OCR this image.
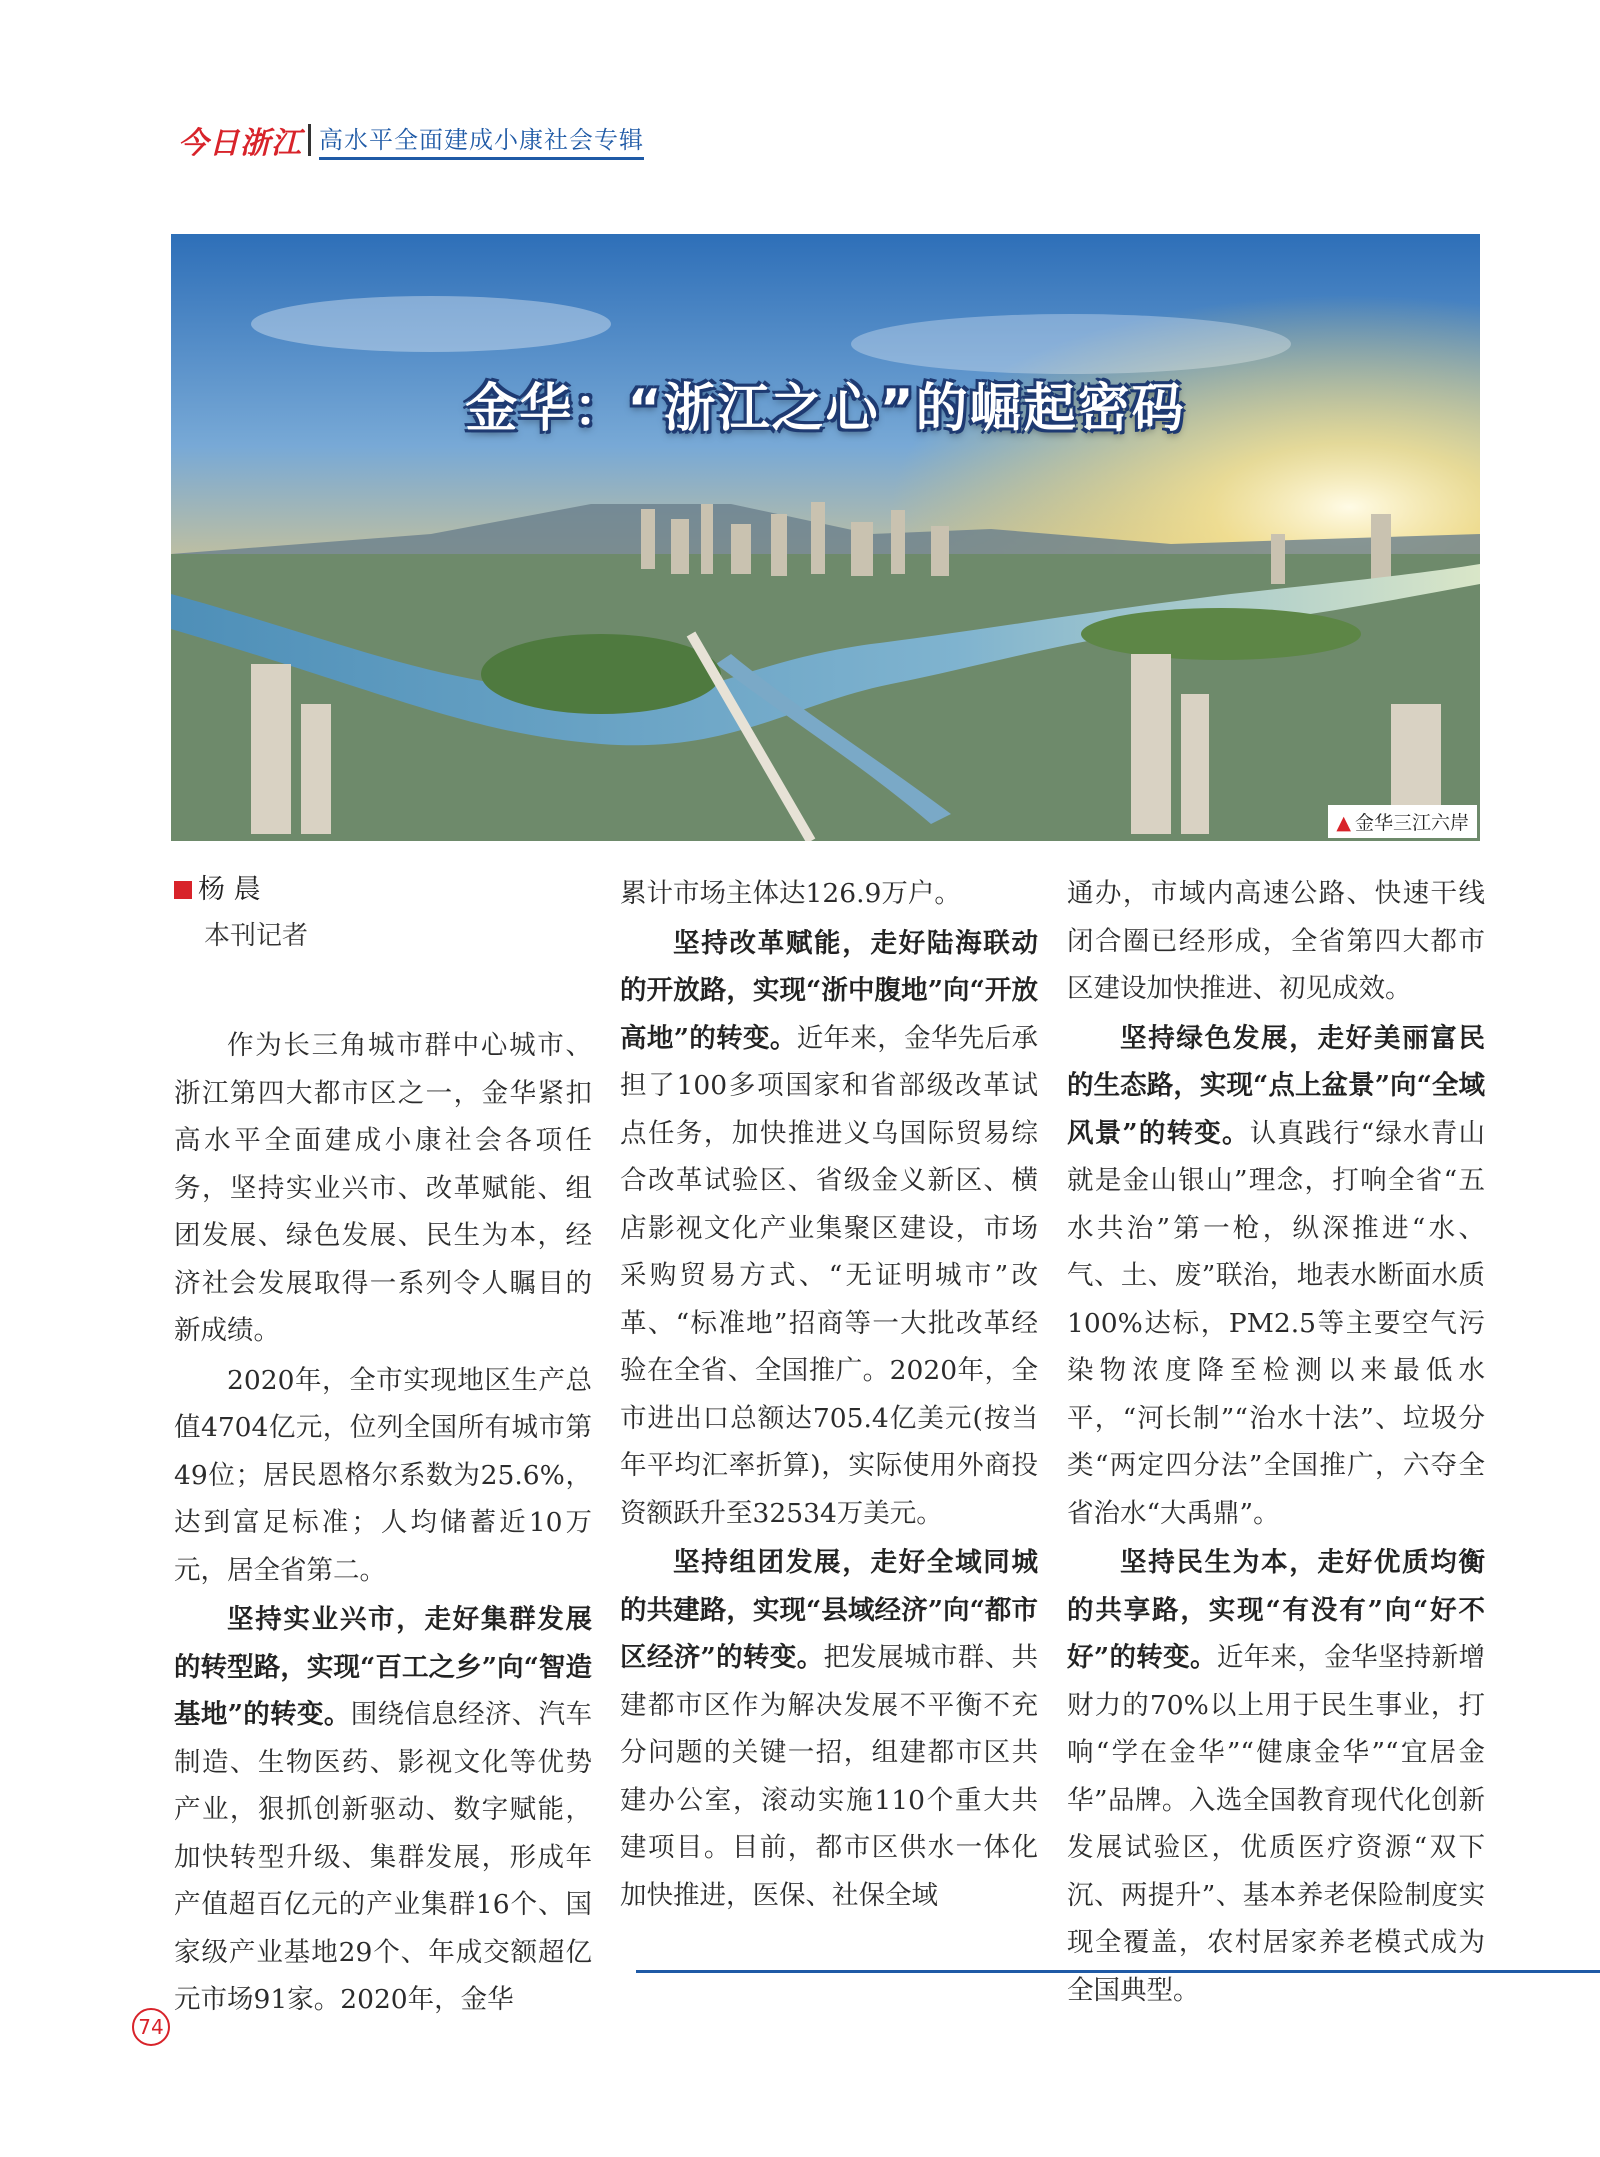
今日浙江 高水平全面建成小康社会专辑
金华：“浙江之心”的崛起密码
▲ 金华三江六岸
杨 晨
本刊记者

作为长三角城市群中心城市、浙江第四大都市区之一，金华紧扣高水平全面建成小康社会各项任务，坚持实业兴市、改革赋能、组团发展、绿色发展、民生为本，经济社会发展取得一系列令人瞩目的新成绩。

2020年，全市实现地区生产总值4704亿元，位列全国所有城市第49位；居民恩格尔系数为25.6%，达到富足标准；人均储蓄近10万元，居全省第二。

坚持实业兴市，走好集群发展的转型路，实现“百工之乡”向“智造基地”的转变。围绕信息经济、汽车制造、生物医药、影视文化等优势产业，狠抓创新驱动、数字赋能，加快转型升级、集群发展，形成年产值超百亿元的产业集群16个、国家级产业基地29个、年成交额超亿元市场91家。2020年，金华

累计市场主体达126.9万户。

坚持改革赋能，走好陆海联动的开放路，实现“浙中腹地”向“开放高地”的转变。近年来，金华先后承担了100多项国家和省部级改革试点任务，加快推进义乌国际贸易综合改革试验区、省级金义新区、横店影视文化产业集聚区建设，市场采购贸易方式、“无证明城市”改革、“标准地”招商等一大批改革经验在全省、全国推广。2020年，全市进出口总额达705.4亿美元(按当年平均汇率折算)，实际使用外商投资额跃升至32534万美元。

坚持组团发展，走好全域同城的共建路，实现“县域经济”向“都市区经济”的转变。把发展城市群、共建都市区作为解决发展不平衡不充分问题的关键一招，组建都市区共建办公室，滚动实施110个重大共建项目。目前，都市区供水一体化加快推进，医保、社保全域

通办，市域内高速公路、快速干线闭合圈已经形成，全省第四大都市区建设加快推进、初见成效。

坚持绿色发展，走好美丽富民的生态路，实现“点上盆景”向“全域风景”的转变。认真践行“绿水青山就是金山银山”理念，打响全省“五水共治”第一枪，纵深推进“水、气、土、废”联治，地表水断面水质100%达标，PM2.5等主要空气污染物浓度降至检测以来最低水平，“河长制”“治水十法”、垃圾分类“两定四分法”全国推广，六夺全省治水“大禹鼎”。

坚持民生为本，走好优质均衡的共享路，实现“有没有”向“好不好”的转变。近年来，金华坚持新增财力的70%以上用于民生事业，打响“学在金华”“健康金华”“宜居金华”品牌。入选全国教育现代化创新发展试验区，优质医疗资源“双下沉、两提升”、基本养老保险制度实现全覆盖，农村居家养老模式成为全国典型。

74
